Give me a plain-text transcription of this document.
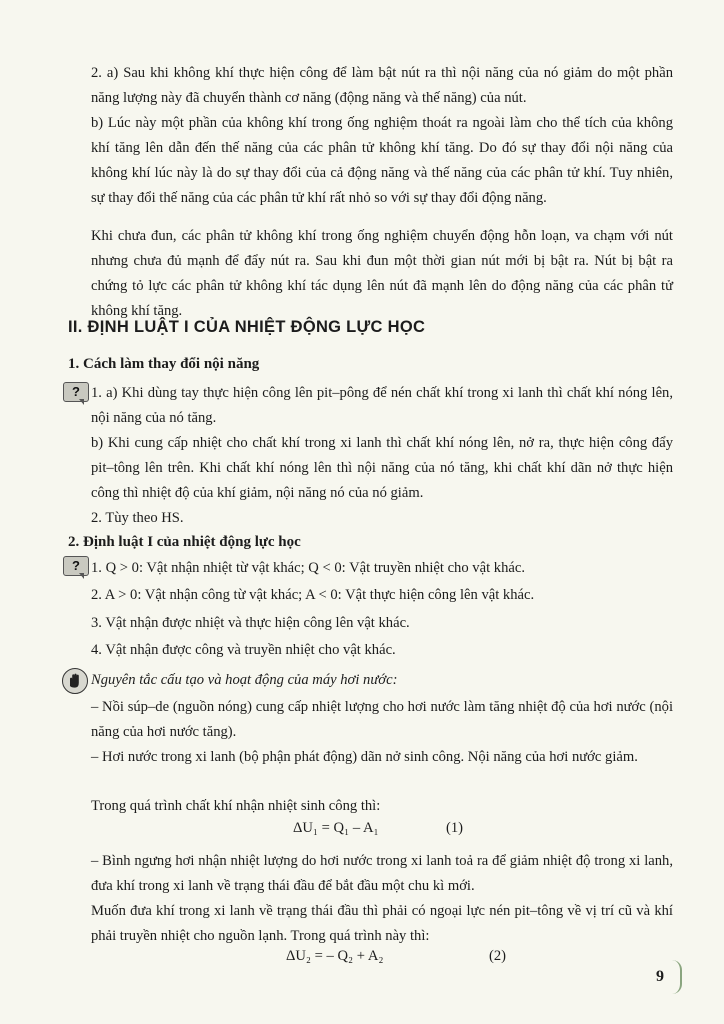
2. a) Sau khi không khí thực hiện công để làm bật nút ra thì nội năng của nó giảm do một phần năng lượng này đã chuyển thành cơ năng (động năng và thế năng) của nút.

b) Lúc này một phần của không khí trong ống nghiệm thoát ra ngoài làm cho thể tích của không khí tăng lên dẫn đến thế năng của các phân tử không khí tăng. Do đó sự thay đổi nội năng của không khí lúc này là do sự thay đổi của cả động năng và thế năng của các phân tử khí. Tuy nhiên, sự thay đổi thế năng của các phân tử khí rất nhỏ so với sự thay đổi động năng.

Khi chưa đun, các phân tử không khí trong ống nghiệm chuyển động hỗn loạn, va chạm với nút nhưng chưa đủ mạnh để đẩy nút ra. Sau khi đun một thời gian nút mới bị bật ra. Nút bị bật ra chứng tỏ lực các phân tử không khí tác dụng lên nút đã mạnh lên do động năng của các phân tử không khí tăng.

II. ĐỊNH LUẬT I CỦA NHIỆT ĐỘNG LỰC HỌC
1. Cách làm thay đổi nội năng
? 1. a) Khi dùng tay thực hiện công lên pit–pông để nén chất khí trong xi lanh thì chất khí nóng lên, nội năng của nó tăng.

b) Khi cung cấp nhiệt cho chất khí trong xi lanh thì chất khí nóng lên, nở ra, thực hiện công đẩy pit–tông lên trên. Khi chất khí nóng lên thì nội năng của nó tăng, khi chất khí dãn nở thực hiện công thì nhiệt độ của khí giảm, nội năng nó của nó giảm.

2. Tùy theo HS.

2. Định luật I của nhiệt động lực học
? 1. Q > 0: Vật nhận nhiệt từ vật khác; Q < 0: Vật truyền nhiệt cho vật khác.

2. A > 0: Vật nhận công từ vật khác; A < 0: Vật thực hiện công lên vật khác.

3. Vật nhận được nhiệt và thực hiện công lên vật khác.

4. Vật nhận được công và truyền nhiệt cho vật khác.

Nguyên tắc cấu tạo và hoạt động của máy hơi nước:

– Nồi súp–de (nguồn nóng) cung cấp nhiệt lượng cho hơi nước làm tăng nhiệt độ của hơi nước (nội năng của hơi nước tăng).

– Hơi nước trong xi lanh (bộ phận phát động) dãn nở sinh công. Nội năng của hơi nước giảm.

Trong quá trình chất khí nhận nhiệt sinh công thì:

ΔU₁ = Q₁ – A₁	(1)

– Bình ngưng hơi nhận nhiệt lượng do hơi nước trong xi lanh toả ra để giảm nhiệt độ trong xi lanh, đưa khí trong xi lanh về trạng thái đầu để bắt đầu một chu kì mới.

Muốn đưa khí trong xi lanh về trạng thái đầu thì phải có ngoại lực nén pit–tông về vị trí cũ và khí phải truyền nhiệt cho nguồn lạnh. Trong quá trình này thì:

ΔU₂ = – Q₂ + A₂	(2)
9
